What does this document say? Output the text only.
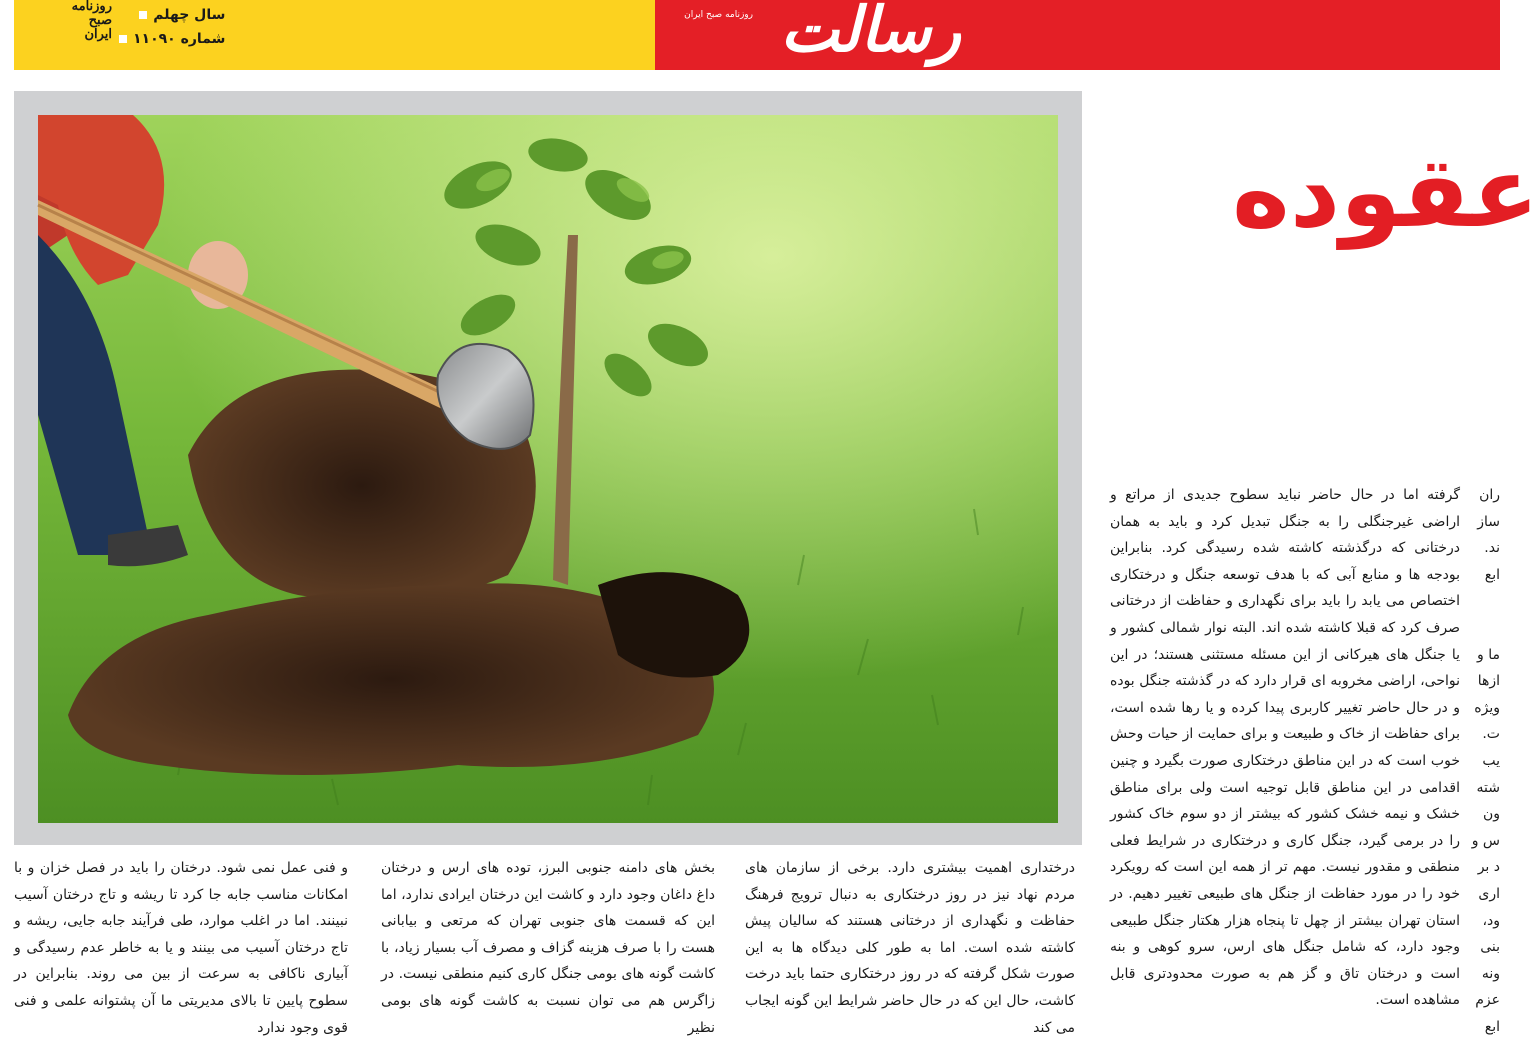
روزنامه
صبح
ایران
سال چهلم
شماره ۱۱۰۹۰
روزنامه صبح ایران رسالت
عقوده

گرفته اما در حال حاضر نباید سطوح جدیدی از مراتع و اراضی غیرجنگلی را به جنگل تبدیل کرد و باید به همان درختانی که درگذشته کاشته شده رسیدگی کرد. بنابراین بودجه ها و منابع آبی که با هدف توسعه جنگل و درختکاری اختصاص می یابد را باید برای نگهداری و حفاظت از درختانی صرف کرد که قبلا کاشته شده اند. البته نوار شمالی کشور و یا جنگل های هیرکانی از این مسئله مستثنی هستند؛ در این نواحی، اراضی مخروبه ای قرار دارد که در گذشته جنگل بوده و در حال حاضر تغییر کاربری پیدا کرده و یا رها شده است، برای حفاظت از خاک و طبیعت و برای حمایت از حیات وحش خوب است که در این مناطق درختکاری صورت بگیرد و چنین اقدامی در این مناطق قابل توجیه است ولی برای مناطق خشک و نیمه خشک کشور که بیشتر از دو سوم خاک کشور را در برمی گیرد، جنگل کاری و درختکاری در شرایط فعلی منطقی و مقدور نیست. مهم تر از همه این است که رویکرد خود را در مورد حفاظت از جنگل های طبیعی تغییر دهیم. در استان تهران بیشتر از چهل تا پنجاه هزار هکتار جنگل طبیعی وجود دارد، که شامل جنگل های ارس، سرو کوهی و بنه است و درختان تاق و گز هم به صورت محدودتری قابل مشاهده است.

ران
ساز
ند.
ابع
ما و
ازها
ویژه
ت.
یب
شته
ون
س و
د بر
اری
ود،
بنی
ونه
عزم
ابع

درختداری اهمیت بیشتری دارد. برخی از سازمان های مردم نهاد نیز در روز درختکاری به دنبال ترویج فرهنگ حفاظت و نگهداری از درختانی هستند که سالیان پیش کاشته شده است. اما به طور کلی دیدگاه ها به این صورت شکل گرفته که در روز درختکاری حتما باید درخت کاشت، حال این که در حال حاضر شرایط این گونه ایجاب می کند

بخش های دامنه جنوبی البرز، توده های ارس و درختان داغ داغان وجود دارد و کاشت این درختان ایرادی ندارد، اما این که قسمت های جنوبی تهران که مرتعی و بیابانی هست را با صرف هزینه گزاف و مصرف آب بسیار زیاد، با کاشت گونه های بومی جنگل کاری کنیم منطقی نیست. در زاگرس هم می توان نسبت به کاشت گونه های بومی نظیر

و فنی عمل نمی شود. درختان را باید در فصل خزان و با امکانات مناسب جابه جا کرد تا ریشه و تاج درختان آسیب نبینند. اما در اغلب موارد، طی فرآیند جابه جایی، ریشه و تاج درختان آسیب می بینند و یا به خاطر عدم رسیدگی و آبیاری ناکافی به سرعت از بین می روند. بنابراین در سطوح پایین تا بالای مدیریتی ما آن پشتوانه علمی و فنی قوی وجود ندارد
